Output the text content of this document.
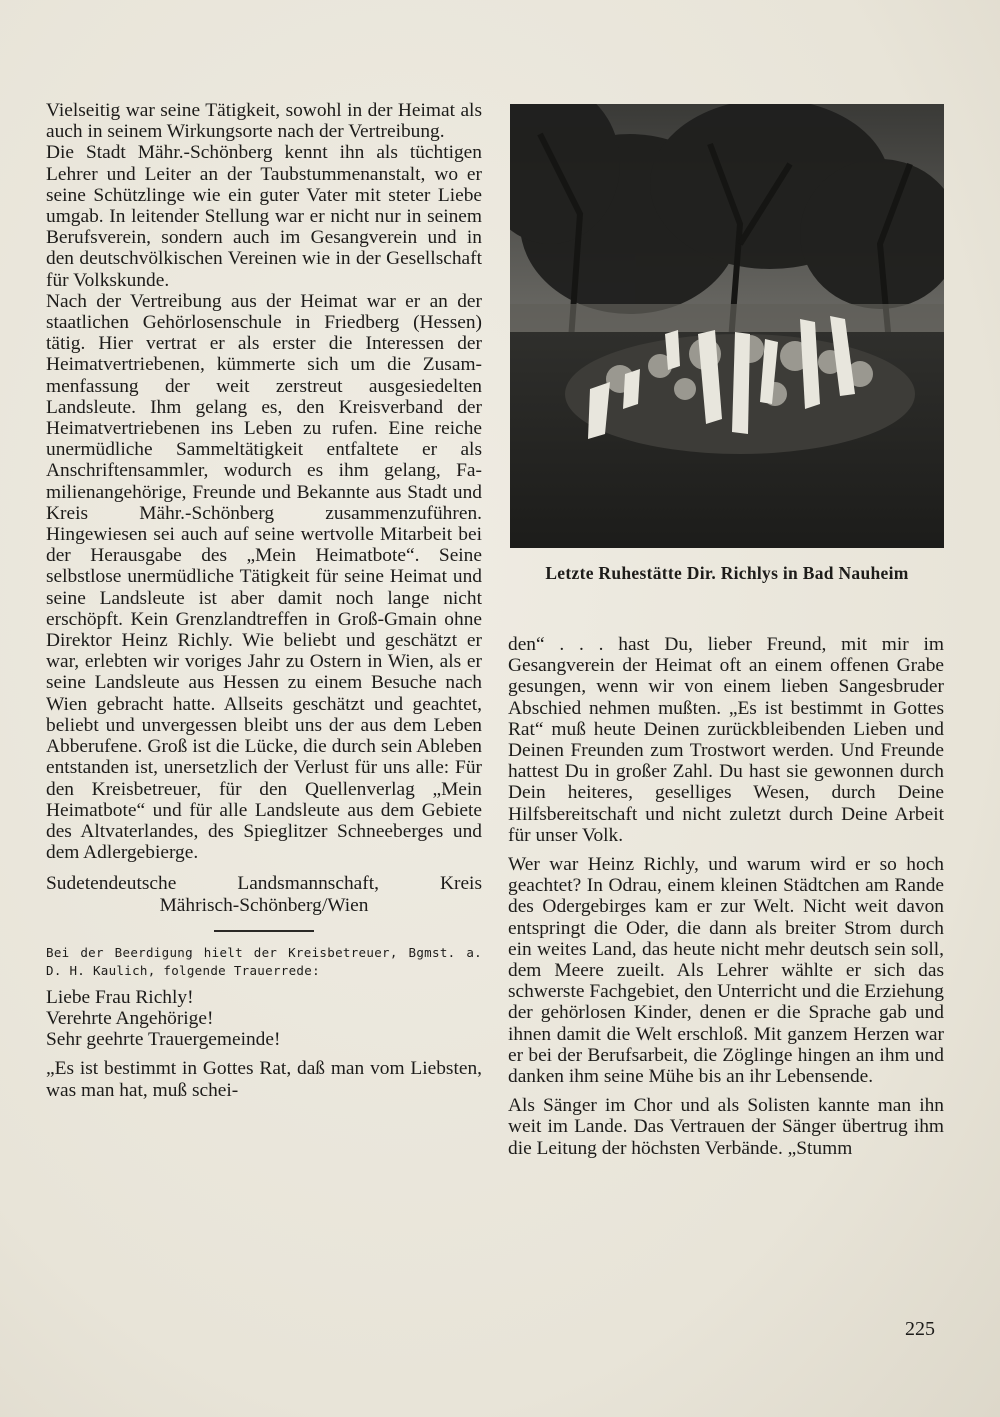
Vielseitig war seine Tätigkeit, sowohl in der Heimat als auch in seinem Wirkungsorte nach der Vertreibung.

Die Stadt Mähr.-Schönberg kennt ihn als tüchtigen Lehrer und Leiter an der Taubstummenanstalt, wo er seine Schützlinge wie ein guter Vater mit steter Liebe umgab. In leitender Stellung war er nicht nur in seinem Berufsverein, sondern auch im Gesangverein und in den deutschvölkischen Vereinen wie in der Gesellschaft für Volkskunde.

Nach der Vertreibung aus der Heimat war er an der staatlichen Gehörlosenschule in Friedberg (Hessen) tätig. Hier vertrat er als erster die Interessen der Heimatvertriebenen, kümmerte sich um die Zusammenfassung der weit zerstreut ausgesiedelten Landsleute. Ihm gelang es, den Kreisverband der Heimatvertriebenen ins Leben zu rufen. Eine reiche unermüdliche Sammeltätigkeit entfaltete er als Anschriftensammler, wodurch es ihm gelang, Familienangehörige, Freunde und Bekannte aus Stadt und Kreis Mähr.-Schönberg zusammenzuführen. Hingewiesen sei auch auf seine wertvolle Mitarbeit bei der Herausgabe des „Mein Heimatbote“. Seine selbstlose unermüdliche Tätigkeit für seine Heimat und seine Landsleute ist aber damit noch lange nicht erschöpft. Kein Grenzlandtreffen in Groß-Gmain ohne Direktor Heinz Richly. Wie beliebt und geschätzt er war, erlebten wir voriges Jahr zu Ostern in Wien, als er seine Landsleute aus Hessen zu einem Besuche nach Wien gebracht hatte. Allseits geschätzt und geachtet, beliebt und unvergessen bleibt uns der aus dem Leben Abberufene. Groß ist die Lücke, die durch sein Ableben entstanden ist, unersetzlich der Verlust für uns alle: Für den Kreisbetreuer, für den Quellenverlag „Mein Heimatbote“ und für alle Landsleute aus dem Gebiete des Altvaterlandes, des Spieglitzer Schneeberges und dem Adlergebierge.

Sudetendeutsche Landsmannschaft, Kreis
Mährisch-Schönberg/Wien

Bei der Beerdigung hielt der Kreisbetreuer, Bgmst. a. D. H. Kaulich, folgende Trauerrede:

Liebe Frau Richly!
Verehrte Angehörige!
Sehr geehrte Trauergemeinde!

„Es ist bestimmt in Gottes Rat, daß man vom Liebsten, was man hat, muß schei-

Letzte Ruhestätte Dir. Richlys in Bad Nauheim

den“ . . . hast Du, lieber Freund, mit mir im Gesangverein der Heimat oft an einem offenen Grabe gesungen, wenn wir von einem lieben Sangesbruder Abschied nehmen mußten. „Es ist bestimmt in Gottes Rat“ muß heute Deinen zurückbleibenden Lieben und Deinen Freunden zum Trostwort werden. Und Freunde hattest Du in großer Zahl. Du hast sie gewonnen durch Dein heiteres, geselliges Wesen, durch Deine Hilfsbereitschaft und nicht zuletzt durch Deine Arbeit für unser Volk.

Wer war Heinz Richly, und warum wird er so hoch geachtet? In Odrau, einem kleinen Städtchen am Rande des Odergebirges kam er zur Welt. Nicht weit davon entspringt die Oder, die dann als breiter Strom durch ein weites Land, das heute nicht mehr deutsch sein soll, dem Meere zueilt. Als Lehrer wählte er sich das schwerste Fachgebiet, den Unterricht und die Erziehung der gehörlosen Kinder, denen er die Sprache gab und ihnen damit die Welt erschloß. Mit ganzem Herzen war er bei der Berufsarbeit, die Zöglinge hingen an ihm und danken ihm seine Mühe bis an ihr Lebensende.

Als Sänger im Chor und als Solisten kannte man ihn weit im Lande. Das Vertrauen der Sänger übertrug ihm die Leitung der höchsten Verbände. „Stumm

225
